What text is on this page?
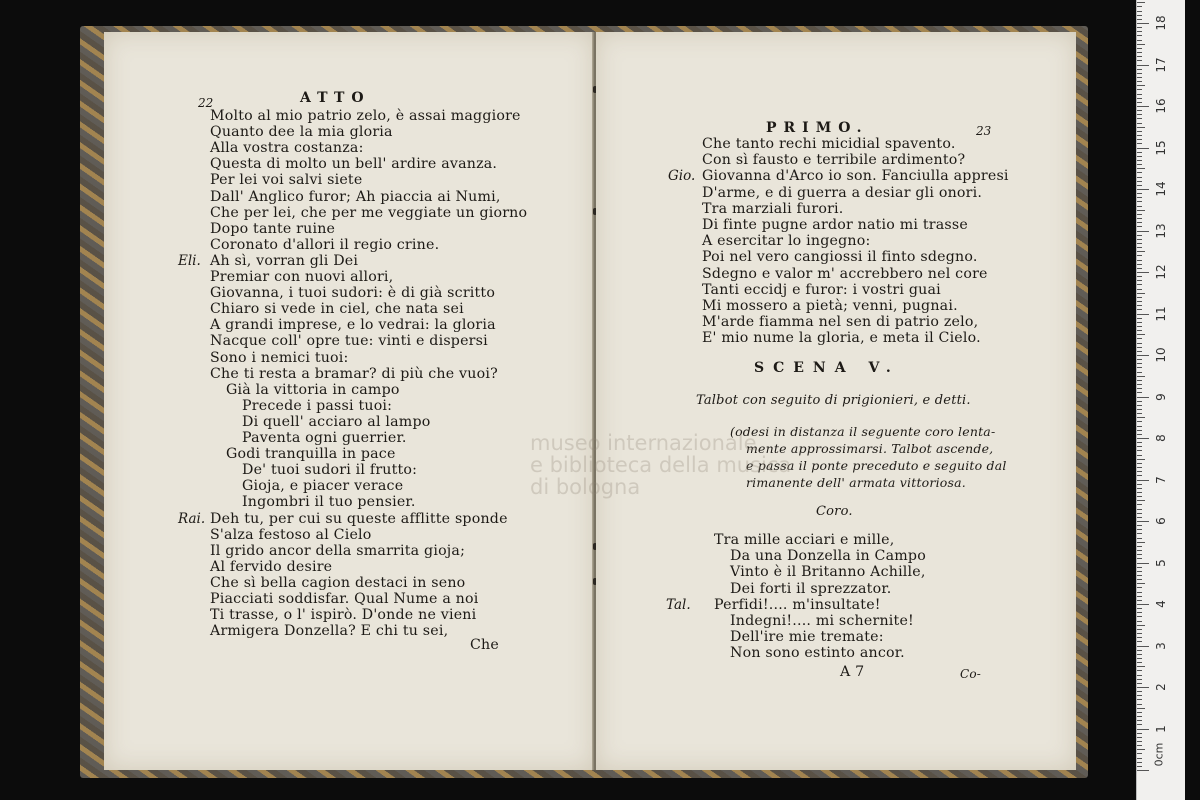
22	ATTO
Che
Molto al mio patrio zelo, è assai maggiore
Quanto dee la mia gloria
Alla vostra costanza:
Questa di molto un bell' ardire avanza.
Per lei voi salvi siete
Dall' Anglico furor; Ah piaccia ai Numi,
Che per lei, che per me veggiate un giorno
Dopo tante ruine
Coronato d'allori il regio crine.
Eli. Ah sì, vorran gli Dei
Premiar con nuovi allori,
Giovanna, i tuoi sudori: è di già scritto
Chiaro si vede in ciel, che nata sei
A grandi imprese, e lo vedrai: la gloria
Nacque coll' opre tue: vinti e dispersi
Sono i nemici tuoi:
Che ti resta a bramar? di più che vuoi?
Già la vittoria in campo
Precede i passi tuoi:
Di quell' acciaro al lampo
Paventa ogni guerrier.
Godi tranquilla in pace
De' tuoi sudori il frutto:
Gioja, e piacer verace
Ingombri il tuo pensier.
Rai. Deh tu, per cui su queste afflitte sponde
S'alza festoso al Cielo
Il grido ancor della smarrita gioja;
Al fervido desire
Che sì bella cagion destaci in seno
Piacciati soddisfar. Qual Nume a noi
Ti trasse, o l' ispirò. D'onde ne vieni
Armigera Donzella? E chi tu sei,
PRIMO.	23
SCENA V.
Talbot con seguito di prigionieri, e detti.
Coro.
A 7	Co-
Che tanto rechi micidial spavento.
Con sì fausto e terribile ardimento?
Gio. Giovanna d'Arco io son. Fanciulla appresi
D'arme, e di guerra a desiar gli onori.
Tra marziali furori.
Di finte pugne ardor natio mi trasse
A esercitar lo ingegno:
Poi nel vero cangiossi il finto sdegno.
Sdegno e valor m' accrebbero nel core
Tanti eccidj e furor: i vostri guai
Mi mossero a pietà; venni, pugnai.
M'arde fiamma nel sen di patrio zelo,
E' mio nume la gloria, e meta il Cielo.
Tra mille acciari e mille,
Da una Donzella in Campo
Vinto è il Britanno Achille,
Dei forti il sprezzator.
Tal. Perfidi!.... m'insultate!
Indegni!.... mi schernite!
Dell'ire mie tremate:
Non sono estinto ancor.
(odesi in distanza il seguente coro lenta-
mente approssimarsi. Talbot ascende,
e passa il ponte preceduto e seguito dal
rimanente dell' armata vittoriosa.
museo internazionale
e biblioteca della musica
di bologna
0cm
1
2
3
4
5
6
7
8
9
10
11
12
13
14
15
16
17
18
